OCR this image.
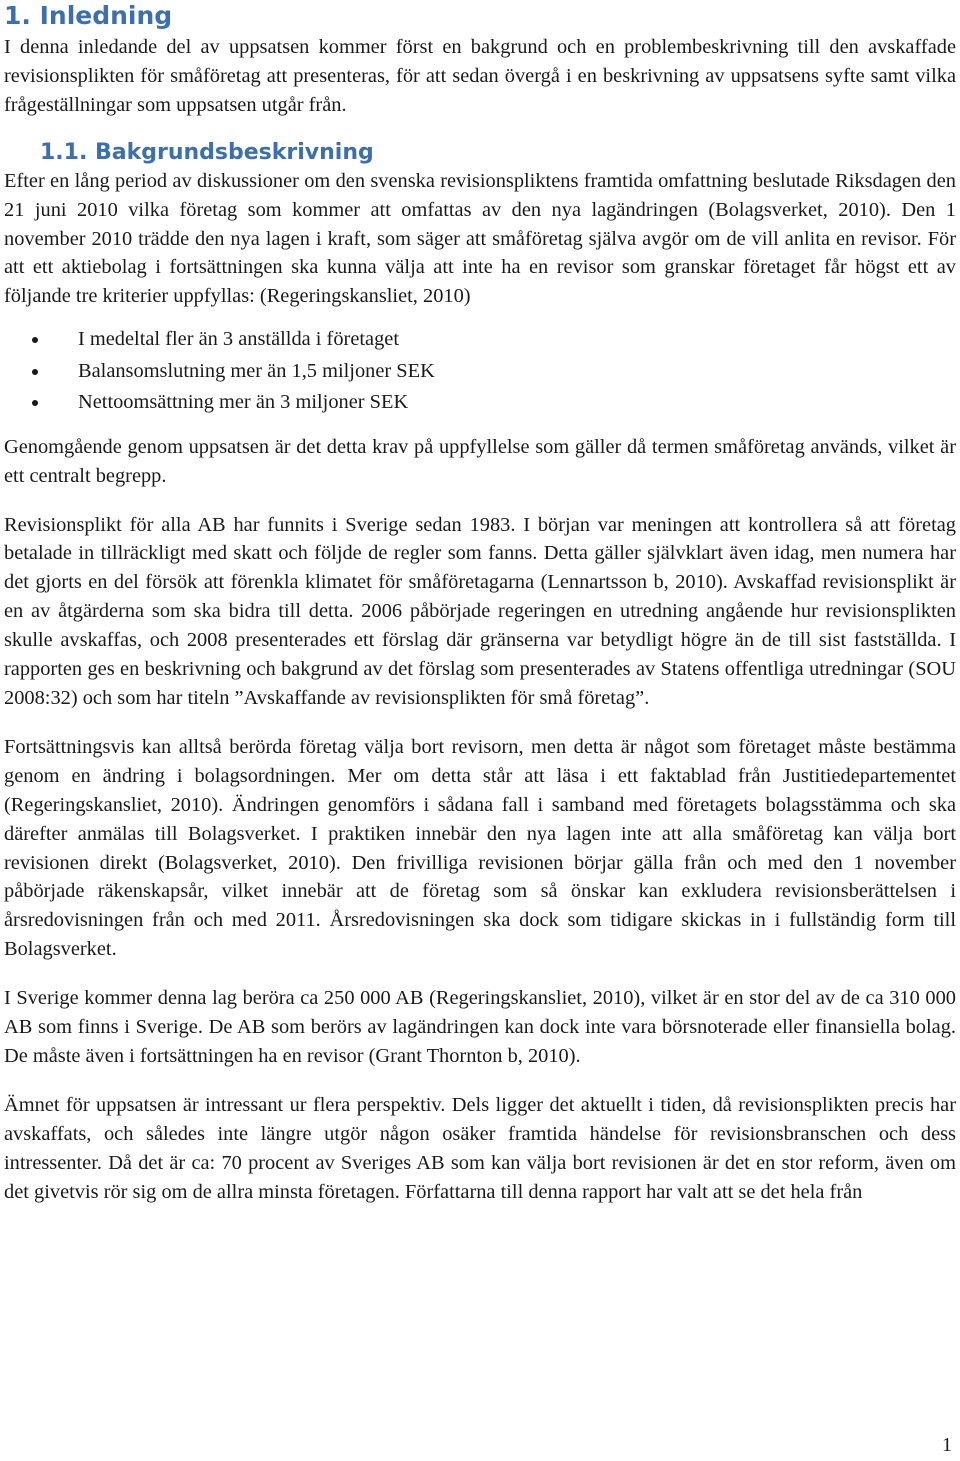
1. Inledning

I denna inledande del av uppsatsen kommer först en bakgrund och en problembeskrivning till den avskaffade revisionsplikten för småföretag att presenteras, för att sedan övergå i en beskrivning av uppsatsens syfte samt vilka frågeställningar som uppsatsen utgår från.

1.1. Bakgrundsbeskrivning

Efter en lång period av diskussioner om den svenska revisionspliktens framtida omfattning beslutade Riksdagen den 21 juni 2010 vilka företag som kommer att omfattas av den nya lagändringen (Bolagsverket, 2010). Den 1 november 2010 trädde den nya lagen i kraft, som säger att småföretag själva avgör om de vill anlita en revisor. För att ett aktiebolag i fortsättningen ska kunna välja att inte ha en revisor som granskar företaget får högst ett av följande tre kriterier uppfyllas: (Regeringskansliet, 2010)

I medeltal fler än 3 anställda i företaget
Balansomslutning mer än 1,5 miljoner SEK
Nettoomsättning mer än 3 miljoner SEK

Genomgående genom uppsatsen är det detta krav på uppfyllelse som gäller då termen småföretag används, vilket är ett centralt begrepp.

Revisionsplikt för alla AB har funnits i Sverige sedan 1983. I början var meningen att kontrollera så att företag betalade in tillräckligt med skatt och följde de regler som fanns. Detta gäller självklart även idag, men numera har det gjorts en del försök att förenkla klimatet för småföretagarna (Lennartsson b, 2010). Avskaffad revisionsplikt är en av åtgärderna som ska bidra till detta. 2006 påbörjade regeringen en utredning angående hur revisionsplikten skulle avskaffas, och 2008 presenterades ett förslag där gränserna var betydligt högre än de till sist fastställda. I rapporten ges en beskrivning och bakgrund av det förslag som presenterades av Statens offentliga utredningar (SOU 2008:32) och som har titeln ”Avskaffande av revisionsplikten för små företag”.

Fortsättningsvis kan alltså berörda företag välja bort revisorn, men detta är något som företaget måste bestämma genom en ändring i bolagsordningen. Mer om detta står att läsa i ett faktablad från Justitiedepartementet (Regeringskansliet, 2010). Ändringen genomförs i sådana fall i samband med företagets bolagsstämma och ska därefter anmälas till Bolagsverket. I praktiken innebär den nya lagen inte att alla småföretag kan välja bort revisionen direkt (Bolagsverket, 2010). Den frivilliga revisionen börjar gälla från och med den 1 november påbörjade räkenskapsår, vilket innebär att de företag som så önskar kan exkludera revisionsberättelsen i årsredovisningen från och med 2011. Årsredovisningen ska dock som tidigare skickas in i fullständig form till Bolagsverket.

I Sverige kommer denna lag beröra ca 250 000 AB (Regeringskansliet, 2010), vilket är en stor del av de ca 310 000 AB som finns i Sverige. De AB som berörs av lagändringen kan dock inte vara börsnoterade eller finansiella bolag. De måste även i fortsättningen ha en revisor (Grant Thornton b, 2010).

Ämnet för uppsatsen är intressant ur flera perspektiv. Dels ligger det aktuellt i tiden, då revisionsplikten precis har avskaffats, och således inte längre utgör någon osäker framtida händelse för revisionsbranschen och dess intressenter. Då det är ca: 70 procent av Sveriges AB som kan välja bort revisionen är det en stor reform, även om det givetvis rör sig om de allra minsta företagen. Författarna till denna rapport har valt att se det hela från

1
